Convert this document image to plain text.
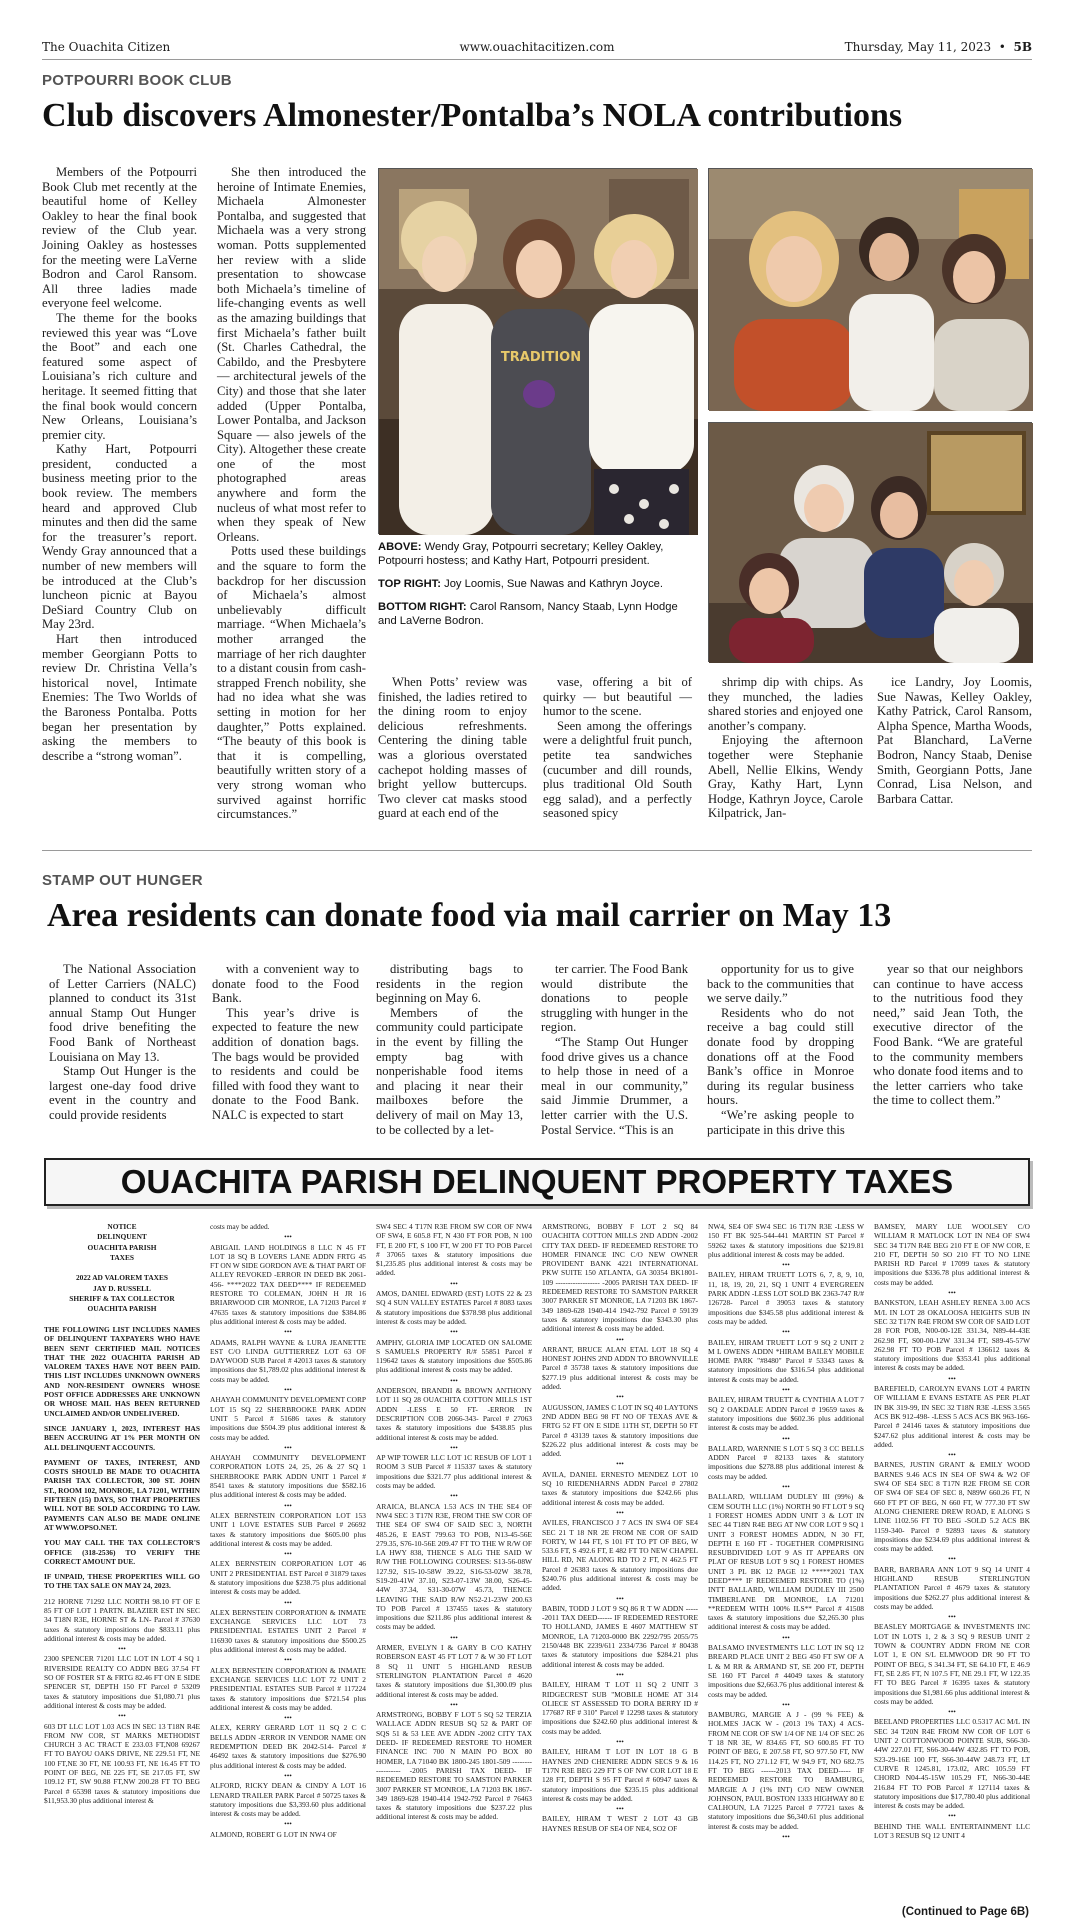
The Ouachita Citizen	www.ouachitacitizen.com	Thursday, May 11, 2023  •  5B
POTPOURRI BOOK CLUB
Club discovers Almonester/Pontalba’s NOLA contributions

Members of the Potpourri Book Club met recently at the beautiful home of Kelley Oakley to hear the final book review of the Club year. Joining Oakley as hostesses for the meeting were LaVerne Bodron and Carol Ransom. All three ladies made everyone feel welcome.

The theme for the books reviewed this year was “Love the Boot” and each one featured some aspect of Louisiana’s rich culture and heritage. It seemed fitting that the final book would concern New Orleans, Louisiana’s premier city.

Kathy Hart, Potpourri president, conducted a business meeting prior to the book review. The members heard and approved Club minutes and then did the same for the treasurer’s report. Wendy Gray announced that a number of new members will be introduced at the Club’s luncheon picnic at Bayou DeSiard Country Club on May 23rd.

Hart then introduced member Georgiann Potts to review Dr. Christina Vella’s historical novel, Intimate Enemies: The Two Worlds of the Baroness Pontalba. Potts began her presentation by asking the members to describe a “strong woman”.

She then introduced the heroine of Intimate Enemies, Michaela Almonester Pontalba, and suggested that Michaela was a very strong woman. Potts supplemented her review with a slide presentation to showcase both Michaela’s timeline of life-changing events as well as the amazing buildings that first Michaela’s father built (St. Charles Cathedral, the Cabildo, and the Presbytere — architectural jewels of the City) and those that she later added (Upper Pontalba, Lower Pontalba, and Jackson Square — also jewels of the City). Altogether these create one of the most photographed areas anywhere and form the nucleus of what most refer to when they speak of New Orleans.

Potts used these buildings and the square to form the backdrop for her discussion of Michaela’s almost unbelievably difficult marriage. “When Michaela’s mother arranged the marriage of her rich daughter to a distant cousin from cash-strapped French nobility, she had no idea what she was setting in motion for her daughter,” Potts explained. “The beauty of this book is that it is compelling, beautifully written story of a very strong woman who survived against horrific circumstances.”

TRADITION

ABOVE: Wendy Gray, Potpourri secretary; Kelley Oakley, Potpourri hostess; and Kathy Hart, Potpourri president.

TOP RIGHT: Joy Loomis, Sue Nawas and Kathryn Joyce.

BOTTOM RIGHT: Carol Ransom, Nancy Staab, Lynn Hodge and LaVerne Bodron.

When Potts’ review was finished, the ladies retired to the dining room to enjoy delicious refreshments. Centering the dining table was a glorious overstated cachepot holding masses of bright yellow buttercups. Two clever cat masks stood guard at each end of the

vase, offering a bit of quirky — but beautiful — humor to the scene.

Seen among the offerings were a delightful fruit punch, petite tea sandwiches (cucumber and dill rounds, plus traditional Old South egg salad), and a perfectly seasoned spicy

shrimp dip with chips. As they munched, the ladies shared stories and enjoyed one another’s company.

Enjoying the afternoon together were Stephanie Abell, Nellie Elkins, Wendy Gray, Kathy Hart, Lynn Hodge, Kathryn Joyce, Carole Kilpatrick, Jan-

ice Landry, Joy Loomis, Sue Nawas, Kelley Oakley, Kathy Patrick, Carol Ransom, Alpha Spence, Martha Woods, Pat Blanchard, LaVerne Bodron, Nancy Staab, Denise Smith, Georgiann Potts, Jane Conrad, Lisa Nelson, and Barbara Cattar.

STAMP OUT HUNGER
Area residents can donate food via mail carrier on May 13

The National Association of Letter Carriers (NALC) planned to conduct its 31st annual Stamp Out Hunger food drive benefiting the Food Bank of Northeast Louisiana on May 13.

Stamp Out Hunger is the largest one-day food drive event in the country and could provide residents

with a convenient way to donate food to the Food Bank.

This year’s drive is expected to feature the new addition of donation bags. The bags would be provided to residents and could be filled with food they want to donate to the Food Bank. NALC is expected to start

distributing bags to residents in the region beginning on May 6.

Members of the community could participate in the event by filling the empty bag with nonperishable food items and placing it near their mailboxes before the delivery of mail on May 13, to be collected by a let-

ter carrier. The Food Bank would distribute the donations to people struggling with hunger in the region.

“The Stamp Out Hunger food drive gives us a chance to help those in need of a meal in our community,” said Jimmie Drummer, a letter carrier with the U.S. Postal Service. “This is an

opportunity for us to give back to the communities that we serve daily.”

Residents who do not receive a bag could still donate food by dropping donations off at the Food Bank’s office in Monroe during its regular business hours.

“We’re asking people to participate in this drive this

year so that our neighbors can continue to have access to the nutritious food they need,” said Jean Toth, the executive director of the Food Bank. “We are grateful to the community members who donate food items and to the letter carriers who take the time to collect them.”

OUACHITA PARISH DELINQUENT PROPERTY TAXES
NOTICE
DELINQUENT
OUACHITA PARISH
TAXES

2022 AD VALOREM TAXES
JAY D. RUSSELL
SHERIFF & TAX COLLECTOR
OUACHITA PARISH

THE FOLLOWING LIST INCLUDES NAMES OF DELINQUENT TAXPAYERS WHO HAVE BEEN SENT CERTIFIED MAIL NOTICES THAT THE 2022 OUACHITA PARISH AD VALOREM TAXES HAVE NOT BEEN PAID. THIS LIST INCLUDES UNKNOWN OWNERS AND NON-RESIDENT OWNERS WHOSE POST OFFICE ADDRESSES ARE UNKNOWN OR WHOSE MAIL HAS BEEN RETURNED UNCLAIMED AND/OR UNDELIVERED.
SINCE JANUARY 1, 2023, INTEREST HAS BEEN ACCRUING AT 1% PER MONTH ON ALL DELINQUENT ACCOUNTS.
PAYMENT OF TAXES, INTEREST, AND COSTS SHOULD BE MADE TO OUACHITA PARISH TAX COLLECTOR, 300 ST. JOHN ST., ROOM 102, MONROE, LA 71201, WITHIN FIFTEEN (15) DAYS, SO THAT PROPERTIES WILL NOT BE SOLD ACCORDING TO LAW. PAYMENTS CAN ALSO BE MADE ONLINE AT WWW.OPSO.NET.
YOU MAY CALL THE TAX COLLECTOR'S OFFICE (318-2536) TO VERIFY THE CORRECT AMOUNT DUE.
IF UNPAID, THESE PROPERTIES WILL GO TO THE TAX SALE ON MAY 24, 2023.
212 HORNE 71292 LLC NORTH 98.10 FT OF E 85 FT OF LOT 1 PARTN. BLAZIER EST IN SEC 34 T18N R3E, HORNE ST & LN- Parcel # 37630 taxes & statutory impositions due $833.11 plus additional interest & costs may be added.
•••
2300 SPENCER 71201 LLC LOT IN LOT 4 SQ 1 RIVERSIDE REALTY CO ADDN BEG 37.54 FT SO OF FOSTER ST & FRTG 82.46 FT ON E SIDE SPENCER ST, DEPTH 150 FT Parcel # 53209 taxes & statutory impositions due $1,080.71 plus additional interest & costs may be added.
•••
603 DT LLC LOT 1.03 ACS IN SEC 13 T18N R4E FROM NW COR, ST MARKS METHODIST CHURCH 3 AC TRACT E 233.03 FT,N08 69267 FT TO BAYOU OAKS DRIVE, NE 229.51 FT, NE 100 FT,NE 30 FT, NE 100.93 FT, NE 16.45 FT TO POINT OF BEG, NE 225 FT, SE 217.05 FT, SW 109.12 FT, SW 90.88 FT,NW 200.28 FT TO BEG Parcel # 65398 taxes & statutory impositions due $11,953.30 plus additional interest &
costs may be added.
•••
ABIGAIL LAND HOLDINGS 8 LLC N 45 FT LOT 18 SQ B LOVERS LANE ADDN FRTG 45 FT ON W SIDE GORDON AVE & THAT PART OF ALLEY REVOKED -ERROR IN DEED BK 2061-456- ****2022 TAX DEED**** IF REDEEMED RESTORE TO COLEMAN, JOHN H JR 16 BRIARWOOD CIR MONROE, LA 71203 Parcel # 47635 taxes & statutory impositions due $384.86 plus additional interest & costs may be added.
•••
ADAMS, RALPH WAYNE & LURA JEANETTE EST C/O LINDA GUTTIERREZ LOT 63 OF DAYWOOD SUB Parcel # 42013 taxes & statutory impositions due $1,789.02 plus additional interest & costs may be added.
•••
AHAYAH COMMUNITY DEVELOPMENT CORP LOT 15 SQ 22 SHERBROOKE PARK ADDN UNIT 5 Parcel # 51686 taxes & statutory impositions due $504.39 plus additional interest & costs may be added.
•••
AHAYAH COMMUNITY DEVELOPMENT CORPORATION LOTS 24, 25, 26 & 27 SQ 1 SHERBROOKE PARK ADDN UNIT 1 Parcel # 8541 taxes & statutory impositions due $582.16 plus additional interest & costs may be added.
•••
ALEX BERNSTEIN CORPORATION LOT 153 UNIT 1 LOVE ESTATES SUB Parcel # 26692 taxes & statutory impositions due $605.00 plus additional interest & costs may be added.
•••
ALEX BERNSTEIN CORPORATION LOT 46 UNIT 2 PRESIDENTIAL EST Parcel # 31879 taxes & statutory impositions due $238.75 plus additional interest & costs may be added.
•••
ALEX BERNSTEIN CORPORATION & INMATE EXCHANGE SERVICES LLC LOT 73 PRESIDENTIAL ESTATES UNIT 2 Parcel # 116930 taxes & statutory impositions due $500.25 plus additional interest & costs may be added.
•••
ALEX BERNSTEIN CORPORATION & INMATE EXCHANGE SERVICES LLC LOT 72 UNIT 2 PRESIDENTIAL ESTATES SUB Parcel # 117224 taxes & statutory impositions due $721.54 plus additional interest & costs may be added.
•••
ALEX, KERRY GERARD LOT 11 SQ 2 C C BELLS ADDN -ERROR IN VENDOR NAME ON REDEMPTION DEED BK 2042-514- Parcel # 46492 taxes & statutory impositions due $276.90 plus additional interest & costs may be added.
•••
ALFORD, RICKY DEAN & CINDY A LOT 16 LENARD TRAILER PARK Parcel # 50725 taxes & statutory impositions due $3,393.60 plus additional interest & costs may be added.
•••
ALMOND, ROBERT G LOT IN NW4 OF
SW4 SEC 4 T17N R3E FROM SW COR OF NW4 OF SW4, E 605.8 FT, N 430 FT FOR POB, N 100 FT, E 200 FT, S 100 FT, W 200 FT TO POB Parcel # 37065 taxes & statutory impositions due $1,235.85 plus additional interest & costs may be added.
•••
AMOS, DANIEL EDWARD (EST) LOTS 22 & 23 SQ 4 SUN VALLEY ESTATES Parcel # 8083 taxes & statutory impositions due $378.98 plus additional interest & costs may be added.
•••
AMPHY, GLORIA IMP LOCATED ON SALOME S SAMUELS PROPERTY R/# 55851 Parcel # 119642 taxes & statutory impositions due $505.86 plus additional interest & costs may be added.
•••
ANDERSON, BRANDII & BROWN ANTHONY LOT 11 SQ 28 OUACHITA COTTON MILLS 1ST ADDN -LESS E 50 FT- -ERROR IN DESCRIPTION COB 2066-343- Parcel # 27063 taxes & statutory impositions due $438.85 plus additional interest & costs may be added.
•••
AP WIP TOWER LLC LOT 1C RESUB OF LOT 1 ROOM 3 SUB Parcel # 115337 taxes & statutory impositions due $321.77 plus additional interest & costs may be added.
•••
ARAICA, BLANCA 1.53 ACS IN THE SE4 OF NW4 SEC 3 T17N R3E, FROM THE SW COR OF THE SE4 OF SW4 OF SAID SEC 3, NORTH 485.26, E EAST 799.63 TO POB, N13-45-56E 279.35, S76-10-56E 209.47 FT TO THE W R/W OF LA HWY 838, THENCE S ALG THE SAID W R/W THE FOLLOWING COURSES: S13-56-08W 127.92, S15-10-58W 39.22, S16-53-02W 38.78, S19-20-41W 37.10, S23-07-13W 38.00, S26-45-44W 37.34, S31-30-07W 45.73, THENCE LEAVING THE SAID R/W N52-21-23W 200.63 TO POB Parcel # 137455 taxes & statutory impositions due $211.86 plus additional interest & costs may be added.
•••
ARMER, EVELYN I & GARY B C/O KATHY ROBERSON EAST 45 FT LOT 7 & W 30 FT LOT 8 SQ 11 UNIT 5 HIGHLAND RESUB STERLINGTON PLANTATION Parcel # 4620 taxes & statutory impositions due $1,300.09 plus additional interest & costs may be added.
•••
ARMSTRONG, BOBBY F LOT 5 SQ 52 TERZIA WALLACE ADDN RESUB SQ 52 & PART OF SQS 51 & 53 LEE AVE ADDN -2002 CITY TAX DEED- IF REDEEMED RESTORE TO HOMER FINANCE INC 700 N MAIN PO BOX 80 HOMER, LA 71040 BK 1800-245 1801-509 ------------------ -2005 PARISH TAX DEED- IF REDEEMED RESTORE TO SAMSTON PARKER 3007 PARKER ST MONROE, LA 71203 BK 1867-349 1869-628 1940-414 1942-792 Parcel # 76463 taxes & statutory impositions due $237.22 plus additional interest & costs may be added.
ARMSTRONG, BOBBY F LOT 2 SQ 84 OUACHITA COTTON MILLS 2ND ADDN -2002 CITY TAX DEED- IF REDEEMED RESTORE TO HOMER FINANCE INC C/O NEW OWNER PROVIDENT BANK 4221 INTERNATIONAL PKW SUITE 150 ATLANTA, GA 30354 BK1801-109 ------------------ -2005 PARISH TAX DEED- IF REDEEMED RESTORE TO SAMSTON PARKER 3007 PARKER ST MONROE, LA 71203 BK 1867-349 1869-628 1940-414 1942-792 Parcel # 59139 taxes & statutory impositions due $343.30 plus additional interest & costs may be added.
•••
ARRANT, BRUCE ALAN ETAL LOT 18 SQ 4 HONEST JOHNS 2ND ADDN TO BROWNVILLE Parcel # 35738 taxes & statutory impositions due $277.19 plus additional interest & costs may be added.
•••
AUGUSSON, JAMES C LOT IN SQ 40 LAYTONS 2ND ADDN BEG 98 FT NO OF TEXAS AVE & FRTG 52 FT ON E SIDE 11TH ST, DEPTH 50 FT Parcel # 43139 taxes & statutory impositions due $226.22 plus additional interest & costs may be added.
•••
AVILA, DANIEL ERNESTO MENDEZ LOT 10 SQ 10 RIEDENHARNS ADDN Parcel # 27802 taxes & statutory impositions due $242.66 plus additional interest & costs may be added.
•••
AVILES, FRANCISCO J 7 ACS IN SW4 OF SE4 SEC 21 T 18 NR 2E FROM NE COR OF SAID FORTY, W 144 FT, S 101 FT TO PT OF BEG, W 533.6 FT, S 492.6 FT, E 482 FT TO NEW CHAPEL HILL RD, NE ALONG RD TO 2 FT, N 462.5 FT Parcel # 26383 taxes & statutory impositions due $240.76 plus additional interest & costs may be added.
•••
BABIN, TODD J LOT 9 SQ 86 R T W ADDN ------2011 TAX DEED------ IF REDEEMED RESTORE TO HOLLAND, JAMES E 4607 MATTHEW ST MONROE, LA 71203-0000 BK 2292/795 2055/75 2150/448 BK 2239/611 2334/736 Parcel # 80438 taxes & statutory impositions due $284.21 plus additional interest & costs may be added.
•••
BAILEY, HIRAM T LOT 11 SQ 2 UNIT 3 RIDGECREST SUB "MOBILE HOME AT 314 OLIECE ST ASSESSED TO DORA BERRY ID # 177687 RF # 310" Parcel # 12298 taxes & statutory impositions due $242.60 plus additional interest & costs may be added.
•••
BAILEY, HIRAM T LOT IN LOT 18 G B HAYNES 2ND CHENIERE ADDN SECS 9 & 16 T17N R3E BEG 229 FT S OF NW COR LOT 18 E 128 FT, DEPTH S 95 FT Parcel # 60947 taxes & statutory impositions due $235.15 plus additional interest & costs may be added.
•••
BAILEY, HIRAM T WEST 2 LOT 43 GB HAYNES RESUB OF SE4 OF NE4, SO2 OF
NW4, SE4 OF SW4 SEC 16 T17N R3E -LESS W 150 FT BK 925-544-441 MARTIN ST Parcel # 59262 taxes & statutory impositions due $219.81 plus additional interest & costs may be added.
•••
BAILEY, HIRAM TRUETT LOTS 6, 7, 8, 9, 10, 11, 18, 19, 20, 21, SQ 1 UNIT 4 EVERGREEN PARK ADDN -LESS LOT SOLD BK 2363-747 R/# 126728- Parcel # 39053 taxes & statutory impositions due $345.58 plus additional interest & costs may be added.
•••
BAILEY, HIRAM TRUETT LOT 9 SQ 2 UNIT 2 M L OWENS ADDN *HIRAM BAILEY MOBILE HOME PARK "#8480" Parcel # 53343 taxes & statutory impositions due $316.54 plus additional interest & costs may be added.
•••
BAILEY, HIRAM TRUETT & CYNTHIA A LOT 7 SQ 2 OAKDALE ADDN Parcel # 19659 taxes & statutory impositions due $602.36 plus additional interest & costs may be added.
•••
BALLARD, WARNNIE S LOT 5 SQ 3 CC BELLS ADDN Parcel # 82133 taxes & statutory impositions due $278.88 plus additional interest & costs may be added.
•••
BALLARD, WILLIAM DUDLEY III (99%) & CEM SOUTH LLC (1%) NORTH 90 FT LOT 9 SQ 1 FOREST HOMES ADDN UNIT 3 & LOT IN SEC 44 T18N R4E BEG AT NW COR LOT 9 SQ 1 UNIT 3 FOREST HOMES ADDN, N 30 FT, DEPTH E 160 FT - TOGETHER COMPRISING RESUBDIVIDED LOT 9 AS IT APPEARS ON PLAT OF RESUB LOT 9 SQ 1 FOREST HOMES UNIT 3 PL BK 12 PAGE 12 *****2021 TAX DEED**** IF REDEEMED RESTORE TO (1%) INTT BALLARD, WILLIAM DUDLEY III 2500 TIMBERLANE DR MONROE, LA 71201 **REDEEM WITH 100% ILS** Parcel # 41508 taxes & statutory impositions due $2,265.30 plus additional interest & costs may be added.
•••
BALSAMO INVESTMENTS LLC LOT IN SQ 12 BREARD PLACE UNIT 2 BEG 450 FT SW OF A L & M RR & ARMAND ST, SE 200 FT, DEPTH SE 160 FT Parcel # 44049 taxes & statutory impositions due $2,663.76 plus additional interest & costs may be added.
•••
BAMBURG, MARGIE A J - (99 % FEE) & HOLMES JACK W - (2013 1% TAX) 4 ACS- FROM NE COR OF SW 1/4 OF NE 1/4 OF SEC 26 T 18 NR 3E, W 834.65 FT, SO 600.85 FT TO POINT OF BEG, E 207.58 FT, SO 977.50 FT, NW 114.25 FT, NO 271.12 FT, W 94.9 FT, NO 682.75 FT TO BEG ------2013 TAX DEED----- IF REDEEMED RESTORE TO BAMBURG, MARGIE A J (1% INT) C/O NEW OWNER JOHNSON, PAUL BOSTON 1333 HIGHWAY 80 E CALHOUN, LA 71225 Parcel # 77721 taxes & statutory impositions due $6,340.61 plus additional interest & costs may be added.
•••
BAMSEY, MARY LUE WOOLSEY C/O WILLIAM R MATLOCK LOT IN NE4 OF SW4 SEC 34 T17N R4E BEG 210 FT E OF NW COR, E 210 FT, DEPTH 50 SO 210 FT TO NO LINE PARISH RD Parcel # 17099 taxes & statutory impositions due $336.78 plus additional interest & costs may be added.
•••
BANKSTON, LEAH ASHLEY RENEA 3.00 ACS M/L IN LOT 28 OKALOOSA HEIGHTS SUB IN SEC 32 T17N R4E FROM SW COR OF SAID LOT 28 FOR POB, N00-00-12E 331.34, N89-44-43E 262.98 FT, S00-00-12W 331.34 FT, S89-45-57W 262.98 FT TO POB Parcel # 136612 taxes & statutory impositions due $353.41 plus additional interest & costs may be added.
•••
BAREFIELD, CAROLYN EVANS LOT 4 PARTN OF WILLIAM E EVANS ESTATE AS PER PLAT IN BK 319-99, IN SEC 32 T18N R3E -LESS 3.565 ACS BK 912-498- -LESS 5 ACS ACS BK 963-166- Parcel # 24146 taxes & statutory impositions due $247.62 plus additional interest & costs may be added.
•••
BARNES, JUSTIN GRANT & EMILY WOOD BARNES 9.46 ACS IN SE4 OF SW4 & W2 OF SW4 OF SE4 SEC 8 T17N R2E FROM SE COR OF SW4 OF SE4 OF SEC 8, N89W 660.26 FT, N 660 FT PT OF BEG, N 660 FT, W 777.30 FT SW ALONG CHENIERE DREW ROAD, E ALONG S LINE 1102.56 FT TO BEG -SOLD 5.2 ACS BK 1159-340- Parcel # 92893 taxes & statutory impositions due $234.69 plus additional interest & costs may be added.
•••
BARR, BARBARA ANN LOT 9 SQ 14 UNIT 4 HIGHLAND RESUB STERLINGTON PLANTATION Parcel # 4679 taxes & statutory impositions due $262.27 plus additional interest & costs may be added.
•••
BEASLEY MORTGAGE & INVESTMENTS INC LOT IN LOTS 1, 2 & 3 SQ 9 RESUB UNIT 2 TOWN & COUNTRY ADDN FROM NE COR LOT 1, E ON S/L ELMWOOD DR 90 FT TO POINT OF BEG, S 341.34 FT, SE 64.10 FT, E 46.9 FT, SE 2.85 FT, N 107.5 FT, NE 29.1 FT, W 122.35 FT TO BEG Parcel # 16395 taxes & statutory impositions due $1,981.66 plus additional interest & costs may be added.
•••
BEELAND PROPERTIES LLC 0.5317 AC M/L IN SEC 34 T20N R4E FROM NW COR OF LOT 6 UNIT 2 COTTONWOOD POINTE SUB, S66-30-44W 227.01 FT, S66-30-44W 432.85 FT TO POB, S23-29-16E 100 FT, S66-30-44W 248.73 FT, LT CURVE R 1245.81, 173.02, ARC 105.59 FT CHORD N04-45-15W 105.29 FT, N66-30-44E 216.84 FT TO POB Parcel # 127114 taxes & statutory impositions due $17,780.40 plus additional interest & costs may be added.
•••
BEHIND THE WALL ENTERTAINMENT LLC LOT 3 RESUB SQ 12 UNIT 4
(Continued to Page 6B)
